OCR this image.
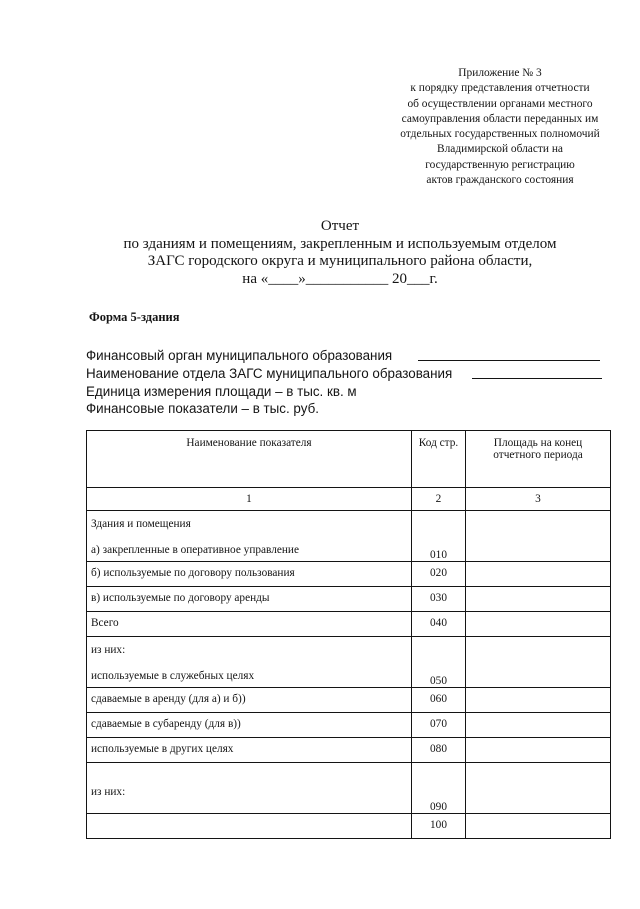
Приложение № 3
к порядку представления отчетности
об осуществлении органами местного
самоуправления области переданных им
отдельных государственных полномочий
Владимирской области на
государственную регистрацию
актов гражданского состояния
Отчет
по зданиям и помещениям, закрепленным и используемым отделом
ЗАГС городского округа и муниципального района области,
на «____»___________ 20___г.
Форма 5-здания
Финансовый орган муниципального образования
Наименование отдела ЗАГС муниципального образования
Единица измерения площади – в тыс. кв. м
Финансовые показатели – в тыс. руб.
Наименование показателя	Код стр.	Площадь на конец отчетного периода
1	2	3

Здания и помещения
а) закрепленные в оперативное управление	010	
б) используемые по договору пользования	020	
в) используемые по договору аренды	030	
Всего	040	

из них:
используемые в служебных целях	050	
сдаваемые в аренду (для а) и б))	060	
сдаваемые в субаренду (для в))	070	
используемые в других целях	080	

из них:	090	
	100	
